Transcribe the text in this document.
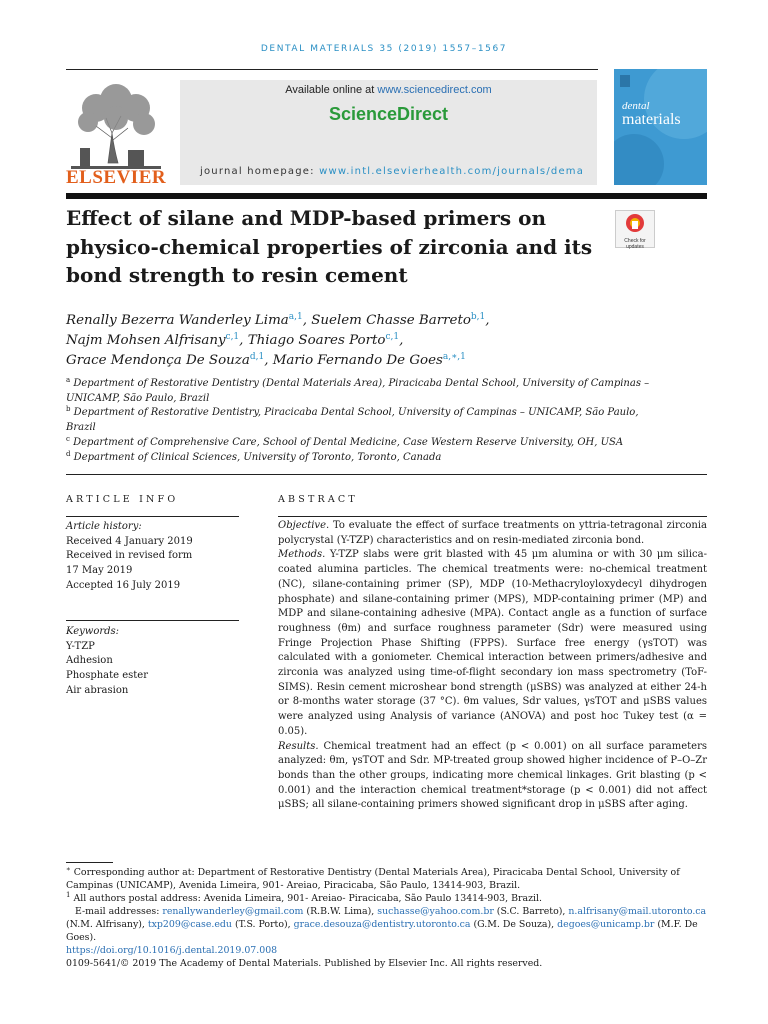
DENTAL MATERIALS 35 (2019) 1557–1567
ELSEVIER
Available online at www.sciencedirect.com
ScienceDirect
journal homepage: www.intl.elsevierhealth.com/journals/dema
dental
materials
Effect of silane and MDP-based primers on physico-chemical properties of zirconia and its bond strength to resin cement
Check for updates
Renally Bezerra Wanderley Lima$^{a,1}$, Suelem Chasse Barreto$^{b,1}$,
Najm Mohsen Alfrisany$^{c,1}$, Thiago Soares Porto$^{c,1}$,
Grace Mendonça De Souza$^{d,1}$, Mario Fernando De Goes$^{a,∗,1}$
$^a$ Department of Restorative Dentistry (Dental Materials Area), Piracicaba Dental School, University of Campinas – UNICAMP, São Paulo, Brazil
$^b$ Department of Restorative Dentistry, Piracicaba Dental School, University of Campinas – UNICAMP, São Paulo, Brazil
$^c$ Department of Comprehensive Care, School of Dental Medicine, Case Western Reserve University, OH, USA
$^d$ Department of Clinical Sciences, University of Toronto, Toronto, Canada
ARTICLE INFO	ABSTRACT
Article history:
Received 4 January 2019
Received in revised form
17 May 2019
Accepted 16 July 2019
Keywords:
Y-TZP
Adhesion
Phosphate ester
Air abrasion

Objective. To evaluate the effect of surface treatments on yttria-tetragonal zirconia polycrystal (Y-TZP) characteristics and on resin-mediated zirconia bond.

Methods. Y-TZP slabs were grit blasted with 45 μm alumina or with 30 μm silica-coated alumina particles. The chemical treatments were: no-chemical treatment (NC), silane-containing primer (SP), MDP (10-Methacryloyloxydecyl dihydrogen phosphate) and silane-containing primer (MPS), MDP-containing primer (MP) and MDP and silane-containing adhesive (MPA). Contact angle as a function of surface roughness (θm) and surface roughness parameter (Sdr) were measured using Fringe Projection Phase Shifting (FPPS). Surface free energy (γsTOT) was calculated with a goniometer. Chemical interaction between primers/adhesive and zirconia was analyzed using time-of-flight secondary ion mass spectrometry (ToF-SIMS). Resin cement microshear bond strength (μSBS) was analyzed at either 24-h or 8-months water storage (37 °C). θm values, Sdr values, γsTOT and μSBS values were analyzed using Analysis of variance (ANOVA) and post hoc Tukey test (α = 0.05).

Results. Chemical treatment had an effect (p < 0.001) on all surface parameters analyzed: θm, γsTOT and Sdr. MP-treated group showed higher incidence of P–O–Zr bonds than the other groups, indicating more chemical linkages. Grit blasting (p < 0.001) and the interaction chemical treatment*storage (p < 0.001) did not affect μSBS; all silane-containing primers showed significant drop in μSBS after aging.

∗ Corresponding author at: Department of Restorative Dentistry (Dental Materials Area), Piracicaba Dental School, University of Campinas (UNICAMP), Avenida Limeira, 901- Areiao, Piracicaba, São Paulo, 13414-903, Brazil.

$^1$ All authors postal address: Avenida Limeira, 901- Areiao- Piracicaba, São Paulo 13414-903, Brazil.

E-mail addresses: renallywanderley@gmail.com (R.B.W. Lima), suchasse@yahoo.com.br (S.C. Barreto), n.alfrisany@mail.utoronto.ca (N.M. Alfrisany), txp209@case.edu (T.S. Porto), grace.desouza@dentistry.utoronto.ca (G.M. De Souza), degoes@unicamp.br (M.F. De Goes).

https://doi.org/10.1016/j.dental.2019.07.008

0109-5641/© 2019 The Academy of Dental Materials. Published by Elsevier Inc. All rights reserved.
